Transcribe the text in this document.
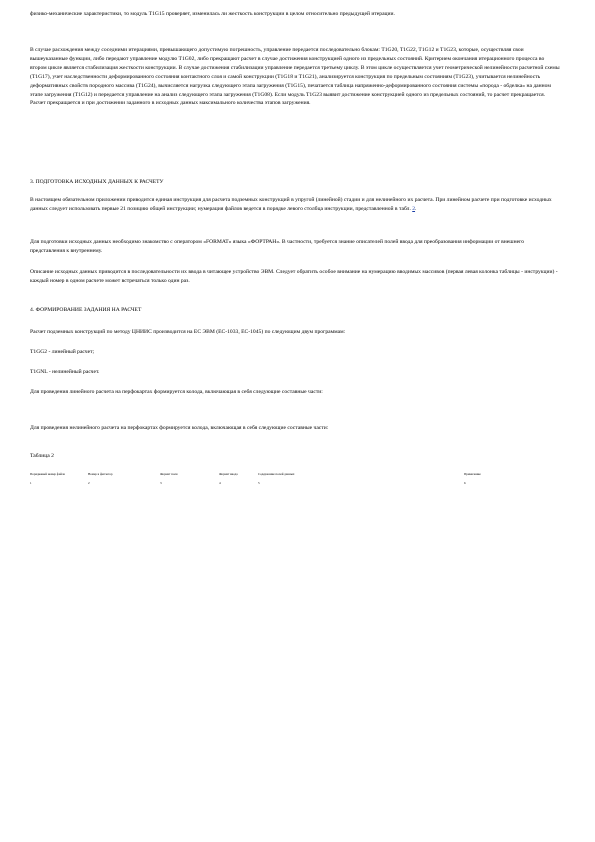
физико-механические характеристики, то модуль T1G15 проверяет, изменилась ли жесткость конструкции в целом относительно предыдущей итерации.

В случае расхождения между соседними итерациями, превышающего допустимую погрешность, управление передается последовательно блокам: T1G20, T1G22, T1G12 и T1G23, которые, осуществляя свои вышеуказанные функции, либо передают управление модулю T1G02, либо прекращают расчет в случае достижения конструкцией одного из предельных состояний. Критерием окончания итерационного процесса во втором цикле является стабилизация жесткости конструкции. В случае достижения стабилизации управление передается третьему циклу. В этом цикле осуществляется учет геометрической нелинейности расчетной схемы (T1G17), учет наследственности деформированного состояния контактного слоя и самой конструкции (T1G18 и T1G21), анализируется конструкция по предельным состояниям (T1G23), учитывается нелинейность деформативных свойств породного массива (T1G24), вычисляется нагрузка следующего этапа загружения (T1G15), печатается таблица напряженно-деформированного состояния системы «порода - обделка» на данном этапе загружения (T1G12) и передается управление на анализ следующего этапа загружения (T1G08). Если модуль T1G23 выявит достижение конструкцией одного из предельных состояний, то расчет прекращается. Расчет прекращается и при достижении заданного в исходных данных максимального количества этапов загружения.

3. ПОДГОТОВКА ИСХОДНЫХ ДАННЫХ К РАСЧЕТУ

В настоящем обязательном приложении приводится единая инструкция для расчета подземных конструкций в упругой (линейной) стадии и для нелинейного их расчета. При линейном расчете при подготовке исходных данных следует использовать первые 21 позицию общей инструкции; нумерация файлов ведется в порядке левого столбца инструкции, представленной в табл. 2.

Для подготовки исходных данных необходимо знакомство с оператором «FORMAT» языка «ФОРТРАН». В частности, требуется знание описателей полей ввода для преобразования информации от внешнего представления к внутреннему.

Описание исходных данных приводится в последовательности их ввода в читающее устройство ЭВМ. Следует обратить особое внимание на нумерацию вводимых массивов (первая левая колонка таблицы - инструкции) - каждый номер в одном расчете может встречаться только один раз.

4. ФОРМИРОВАНИЕ ЗАДАНИЯ НА РАСЧЕТ

Расчет подземных конструкций по методу ЦНИИС производится на ЕС ЭВМ (ЕС-1033, ЕС-1045) по следующим двум программам:

T1GG2 - линейный расчет;

T1GNL - нелинейный расчет.

Для проведения линейного расчета на перфокартах формируется колода, включающая в себя следующие составные части:

Для проведения нелинейного расчета на перфокартах формируется колода, включающая в себя следующие составные части:

Таблица 2

Порядковый номер файла	Номер в фисчетор	Формат поля	Формат ввода	Содержание полей данных	Примечание
1	2	3	4	5	6
